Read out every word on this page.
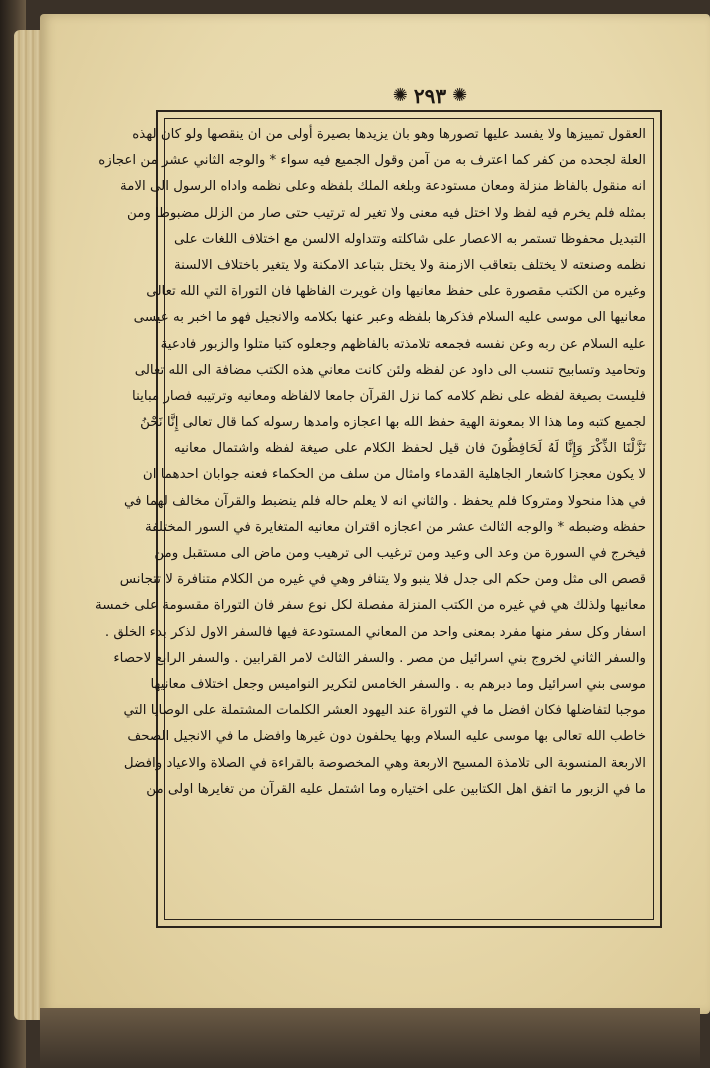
✺ ٢٩٣ ✺
العقول تمييزها ولا يفسد عليها تصورها وهو بان يزيدها بصيرة أولى من ان ينقصها ولو كان لهذه
العلة لجحده من كفر كما اعترف به من آمن وقول الجميع فيه سواء * والوجه الثاني عشر من اعجازه
انه منقول بالفاظ منزلة ومعان مستودعة وبلغه الملك بلفظه وعلى نظمه واداه الرسول الى الامة
بمثله فلم يخرم فيه لفظ ولا اختل فيه معنى ولا تغير له ترتيب حتى صار من الزلل مضبوطا ومن
التبديل محفوظا تستمر به الاعصار على شاكلته وتتداوله الالسن مع اختلاف اللغات على
نظمه وصنعته لا يختلف بتعاقب الازمنة ولا يختل بتباعد الامكنة ولا يتغير باختلاف الالسنة
وغيره من الكتب مقصورة على حفظ معانيها وان غويرت الفاظها فان التوراة التي الله تعالى
معانيها الى موسى عليه السلام فذكرها بلفظه وعبر عنها بكلامه والانجيل فهو ما اخبر به عيسى
عليه السلام عن ربه وعن نفسه فجمعه تلامذته بالفاظهم وجعلوه كتبا متلوا والزبور فادعية
وتحاميد وتسابيح تنسب الى داود عن لفظه ولئن كانت معاني هذه الكتب مضافة الى الله تعالى
فليست بصيغة لفظه على نظم كلامه كما نزل القرآن جامعا لالفاظه ومعانيه وترتيبه فصار مباينا
لجميع كتبه وما هذا الا بمعونة الهية حفظ الله بها اعجازه وامدها رسوله كما قال تعالى إِنَّا نَحْنُ
نَزَّلْنَا الذِّكْرَ وَإِنَّا لَهُ لَحَافِظُونَ فان قيل لحفظ الكلام على صيغة لفظه واشتمال معانيه
لا يكون معجزا كاشعار الجاهلية القدماء وامثال من سلف من الحكماء فعنه جوابان احدهما ان
في هذا منحولا ومتروكا فلم يحفظ . والثاني انه لا يعلم حاله فلم ينضبط والقرآن مخالف لهما في
حفظه وضبطه * والوجه الثالث عشر من اعجازه اقتران معانيه المتغايرة في السور المختلفة
فيخرج في السورة من وعد الى وعيد ومن ترغيب الى ترهيب ومن ماض الى مستقبل ومن
قصص الى مثل ومن حكم الى جدل فلا ينبو ولا يتنافر وهي في غيره من الكلام متنافرة لا تتجانس
معانيها ولذلك هي في غيره من الكتب المنزلة مفصلة لكل نوع سفر فان التوراة مقسومة على خمسة
اسفار وكل سفر منها مفرد بمعنى واحد من المعاني المستودعة فيها فالسفر الاول لذكر بدء الخلق .
والسفر الثاني لخروج بني اسرائيل من مصر . والسفر الثالث لامر القرابين . والسفر الرابع لاحصاء
موسى بني اسرائيل وما دبرهم به . والسفر الخامس لتكرير النواميس وجعل اختلاف معانيها
موجبا لتفاضلها فكان افضل ما في التوراة عند اليهود العشر الكلمات المشتملة على الوصايا التي
خاطب الله تعالى بها موسى عليه السلام وبها يحلفون دون غيرها وافضل ما في الانجيل الصحف
الاربعة المنسوبة الى تلامذة المسيح الاربعة وهي المخصوصة بالقراءة في الصلاة والاعياد وافضل
ما في الزبور ما اتفق اهل الكتابين على اختياره وما اشتمل عليه القرآن من تغايرها اولى من
